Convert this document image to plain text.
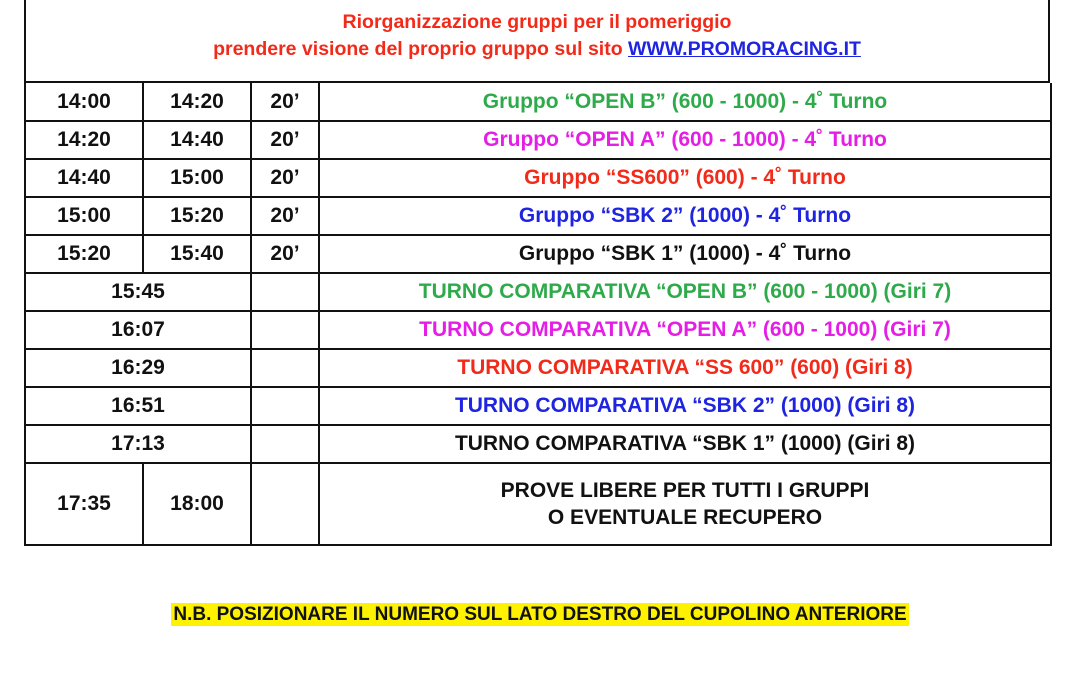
Riorganizzazione gruppi per il pomeriggio
prendere visione del proprio gruppo sul sito WWW.PROMORACING.IT
14:00	14:20	20’	Gruppo “OPEN B” (600 - 1000) - 4˚ Turno
14:20	14:40	20’	Gruppo “OPEN A” (600 - 1000) - 4˚ Turno
14:40	15:00	20’	Gruppo “SS600” (600) - 4˚ Turno
15:00	15:20	20’	Gruppo “SBK 2” (1000) - 4˚ Turno
15:20	15:40	20’	Gruppo “SBK 1” (1000) - 4˚ Turno
15:45			TURNO COMPARATIVA “OPEN B” (600 - 1000) (Giri 7)
16:07			TURNO COMPARATIVA “OPEN A” (600 - 1000) (Giri 7)
16:29			TURNO COMPARATIVA “SS 600” (600) (Giri 8)
16:51			TURNO COMPARATIVA “SBK 2” (1000) (Giri 8)
17:13			TURNO COMPARATIVA “SBK 1” (1000) (Giri 8)
17:35	18:00		PROVE LIBERE PER TUTTI I GRUPPI
O EVENTUALE RECUPERO
N.B. POSIZIONARE IL NUMERO SUL LATO DESTRO DEL CUPOLINO ANTERIORE
